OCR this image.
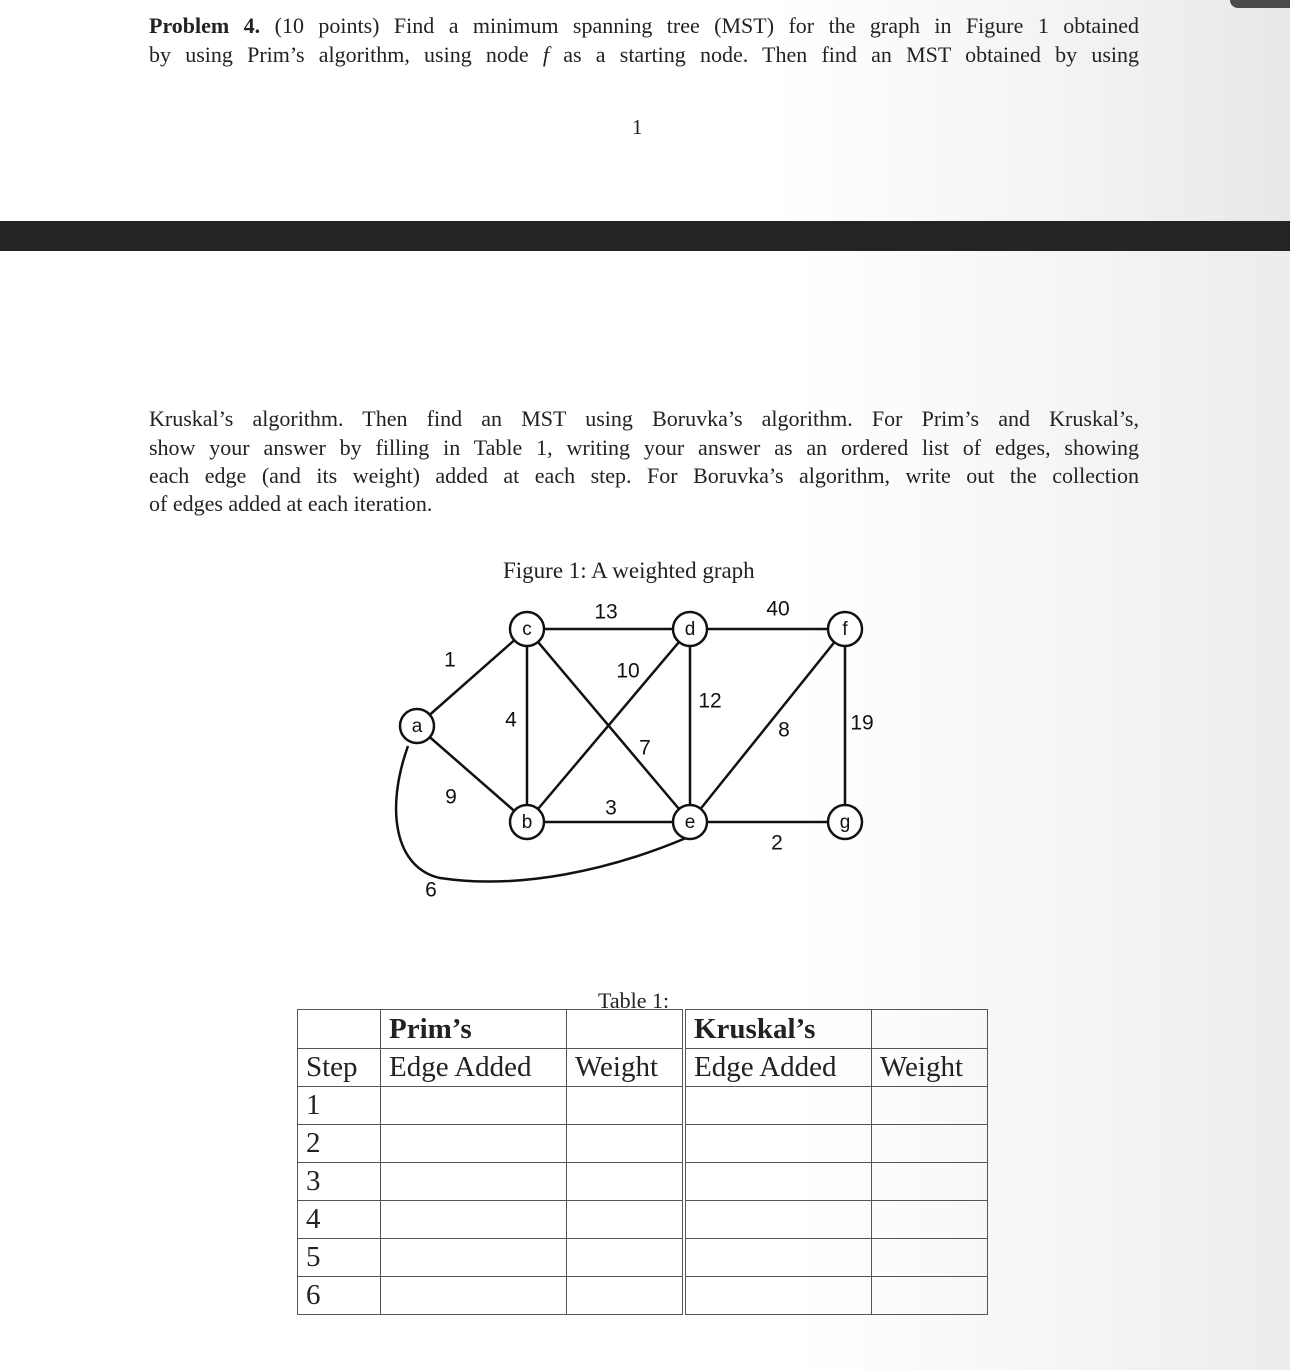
Problem 4. (10 points) Find a minimum spanning tree (MST) for the graph in Figure 1 obtained
by using Prim’s algorithm, using node f as a starting node. Then find an MST obtained by using
1
Kruskal’s algorithm. Then find an MST using Boruvka’s algorithm. For Prim’s and Kruskal’s,
show your answer by filling in Table 1, writing your answer as an ordered list of edges, showing
each edge (and its weight) added at each step. For Boruvka’s algorithm, write out the collection
of edges added at each iteration.
Figure 1: A weighted graph
1
9
6
4
13
7
10
3
12
40
8
2
19
a
b
c	d
e
f
g
Table 1:
	Prim’s		Kruskal’s	
Step	Edge Added	Weight	Edge Added	Weight
1				
2				
3				
4				
5				
6				
